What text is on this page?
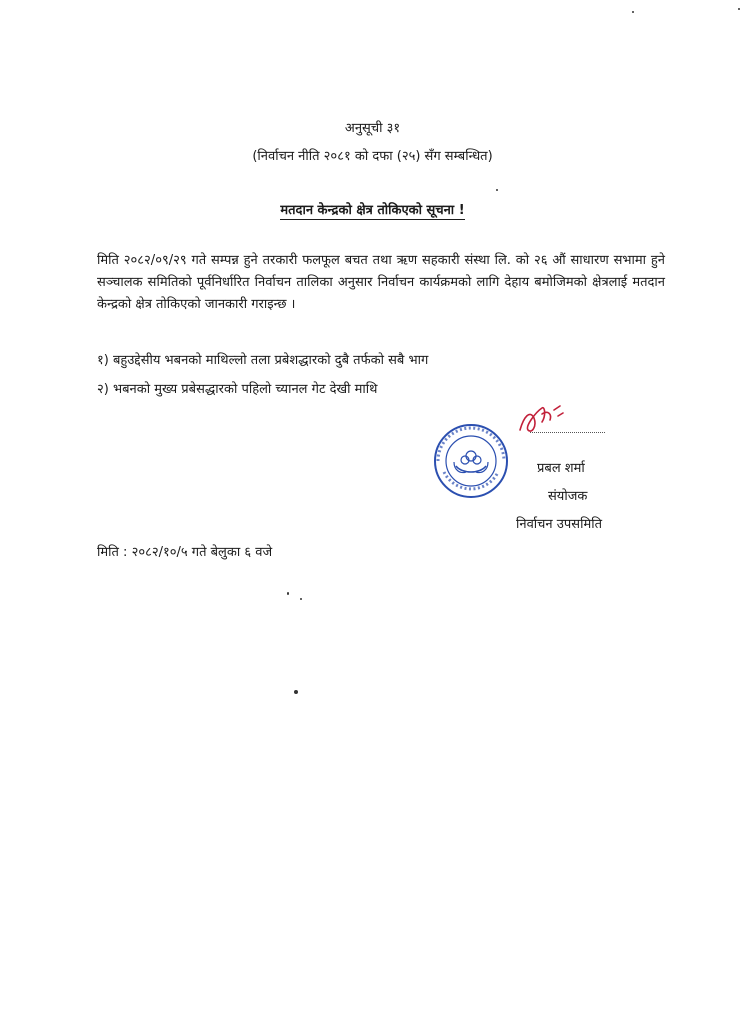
अनुसूची ३१
(निर्वाचन नीति २०८१ को दफा (२५) सँग सम्बन्धित)
मतदान केन्द्रको क्षेत्र तोकिएको सूचना !
मिति २०८२/०९/२९ गते सम्पन्न हुने तरकारी फलफूल बचत तथा ऋण सहकारी संस्था लि. को २६ औं साधारण सभामा हुने सञ्चालक समितिको पूर्वनिर्धारित निर्वाचन तालिका अनुसार निर्वाचन कार्यक्रमको लागि देहाय बमोजिमको क्षेत्रलाई मतदान केन्द्रको क्षेत्र तोकिएको जानकारी गराइन्छ ।
१) बहुउद्देसीय भबनको माथिल्लो तला प्रबेशद्धारको दुबै तर्फको सबै भाग
२) भबनको मुख्य प्रबेसद्धारको पहिलो च्यानल गेट देखी माथि
प्रबल शर्मा
संयोजक
निर्वाचन उपसमिति
मिति : २०८२/१०/५ गते बेलुका ६ वजे
